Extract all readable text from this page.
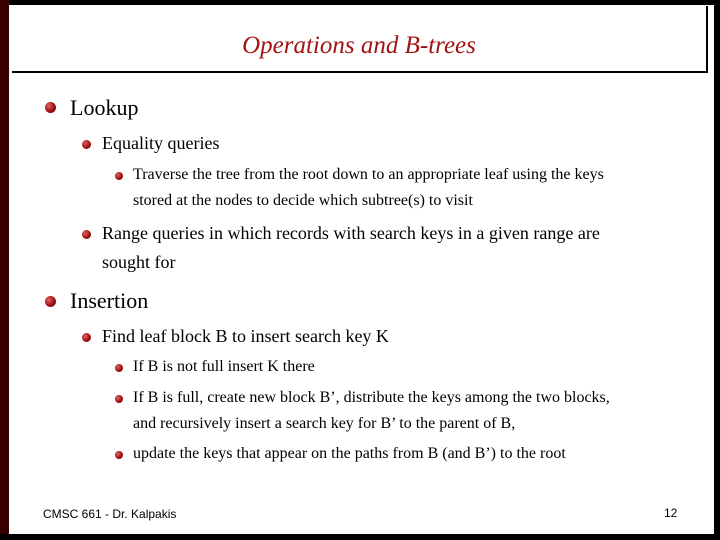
Operations and B-trees
Lookup
Equality queries
Traverse the tree from the root down to an appropriate leaf using the keys
stored at the nodes to decide which subtree(s) to visit
Range queries in which records with search keys in a given range are
sought for
Insertion
Find leaf block B to insert search key K
If B is not full insert K there
If B is full, create new block B’, distribute the keys among the two blocks,
and recursively insert a search key for B’ to the parent of B,
update the keys that appear on the paths from B (and B’) to the root
CMSC 661 - Dr. Kalpakis	12
